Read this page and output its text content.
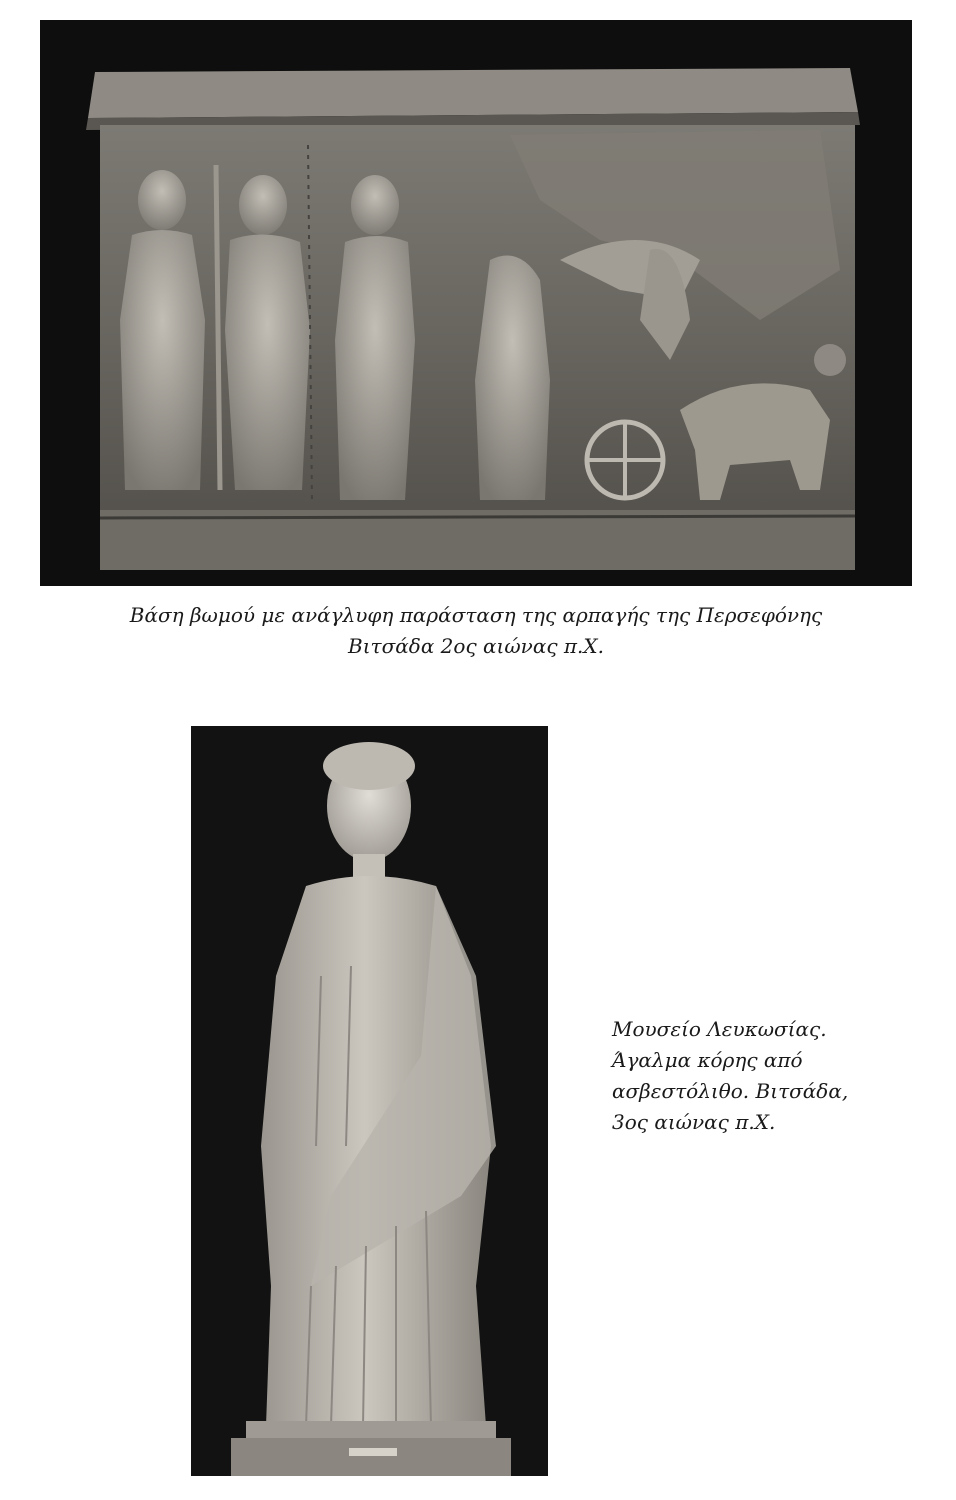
Βάση βωμού με ανάγλυφη παράσταση της αρπαγής της Περσεφόνης
Βιτσάδα 2ος αιώνας π.Χ.
Μουσείο Λευκωσίας.
Άγαλμα κόρης από
ασβεστόλιθο. Βιτσάδα,
3ος αιώνας π.Χ.
